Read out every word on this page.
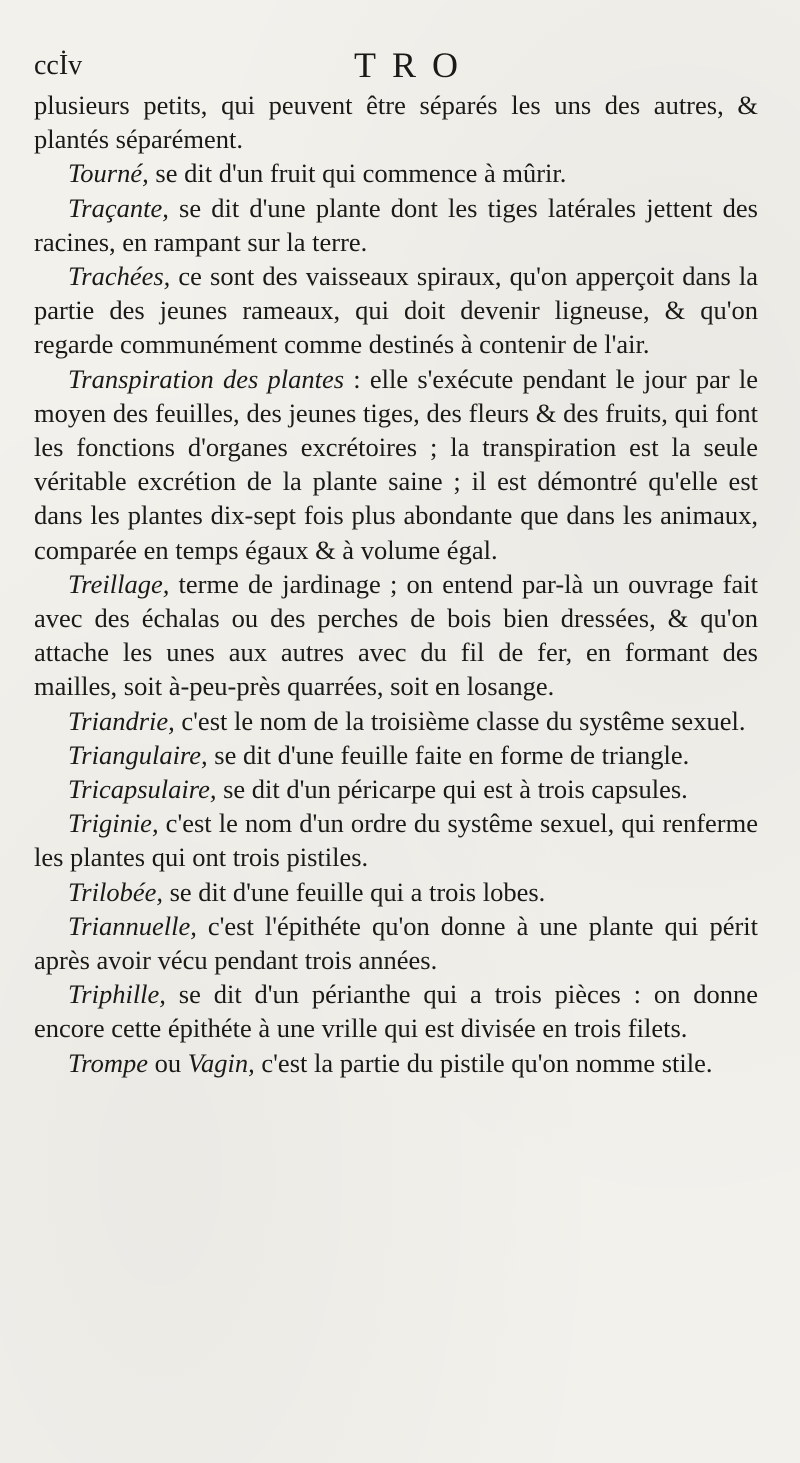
ccİv	TRO

plusieurs petits, qui peuvent être séparés les uns des autres, & plantés séparément.

Tourné, se dit d'un fruit qui commence à mûrir.

Traçante, se dit d'une plante dont les tiges latérales jettent des racines, en rampant sur la terre.

Trachées, ce sont des vaisseaux spiraux, qu'on apperçoit dans la partie des jeunes rameaux, qui doit devenir ligneuse, & qu'on regarde communément comme destinés à contenir de l'air.

Transpiration des plantes : elle s'exécute pendant le jour par le moyen des feuilles, des jeunes tiges, des fleurs & des fruits, qui font les fonctions d'organes excrétoires ; la transpiration est la seule véritable excrétion de la plante saine ; il est démontré qu'elle est dans les plantes dix-sept fois plus abondante que dans les animaux, comparée en temps égaux & à volume égal.

Treillage, terme de jardinage ; on entend par-là un ouvrage fait avec des échalas ou des perches de bois bien dressées, & qu'on attache les unes aux autres avec du fil de fer, en formant des mailles, soit à-peu-près quarrées, soit en losange.

Triandrie, c'est le nom de la troisième classe du systême sexuel.

Triangulaire, se dit d'une feuille faite en forme de triangle.

Tricapsulaire, se dit d'un péricarpe qui est à trois capsules.

Triginie, c'est le nom d'un ordre du systême sexuel, qui renferme les plantes qui ont trois pistiles.

Trilobée, se dit d'une feuille qui a trois lobes.

Triannuelle, c'est l'épithéte qu'on donne à une plante qui périt après avoir vécu pendant trois années.

Triphille, se dit d'un périanthe qui a trois pièces : on donne encore cette épithéte à une vrille qui est divisée en trois filets.

Trompe ou Vagin, c'est la partie du pistile qu'on nomme stile.
